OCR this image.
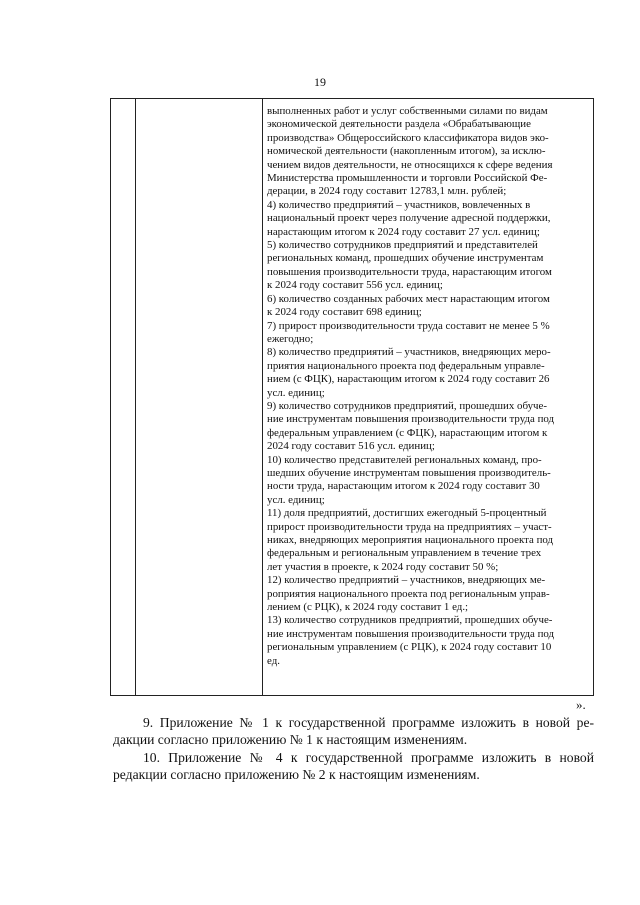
19
выполненных работ и услуг собственными силами по видам
экономической деятельности раздела «Обрабатывающие
производства» Общероссийского классификатора видов эко-
номической деятельности (накопленным итогом), за исклю-
чением видов деятельности, не относящихся к сфере ведения
Министерства промышленности и торговли Российской Фе-
дерации, в 2024 году составит 12783,1 млн. рублей;
4) количество предприятий – участников, вовлеченных в
национальный проект через получение адресной поддержки,
нарастающим итогом к 2024 году составит 27 усл. единиц;
5) количество сотрудников предприятий и представителей
региональных команд, прошедших обучение инструментам
повышения производительности труда, нарастающим итогом
к 2024 году составит 556 усл. единиц;
6) количество созданных рабочих мест нарастающим итогом
к 2024 году составит 698 единиц;
7) прирост производительности труда составит не менее 5 %
ежегодно;
8) количество предприятий – участников, внедряющих меро-
приятия национального проекта под федеральным управле-
нием (с ФЦК), нарастающим итогом к 2024 году составит 26
усл. единиц;
9) количество сотрудников предприятий, прошедших обуче-
ние инструментам повышения производительности труда под
федеральным управлением (с ФЦК), нарастающим итогом к
2024 году составит 516 усл. единиц;
10) количество представителей региональных команд, про-
шедших обучение инструментам повышения производитель-
ности труда, нарастающим итогом к 2024 году составит 30
усл. единиц;
11) доля предприятий, достигших ежегодный 5-процентный
прирост производительности труда на предприятиях – участ-
никах, внедряющих мероприятия национального проекта под
федеральным и региональным управлением в течение трех
лет участия в проекте, к 2024 году составит 50 %;
12) количество предприятий – участников, внедряющих ме-
роприятия национального проекта под региональным управ-
лением (с РЦК), к 2024 году составит 1 ед.;
13) количество сотрудников предприятий, прошедших обуче-
ние инструментам повышения производительности труда под
региональным управлением (с РЦК), к 2024 году составит 10
ед.
».
9. Приложение № 1 к государственной программе изложить в новой ре-
дакции согласно приложению № 1 к настоящим изменениям.
10. Приложение № 4 к государственной программе изложить в новой
редакции согласно приложению № 2 к настоящим изменениям.
